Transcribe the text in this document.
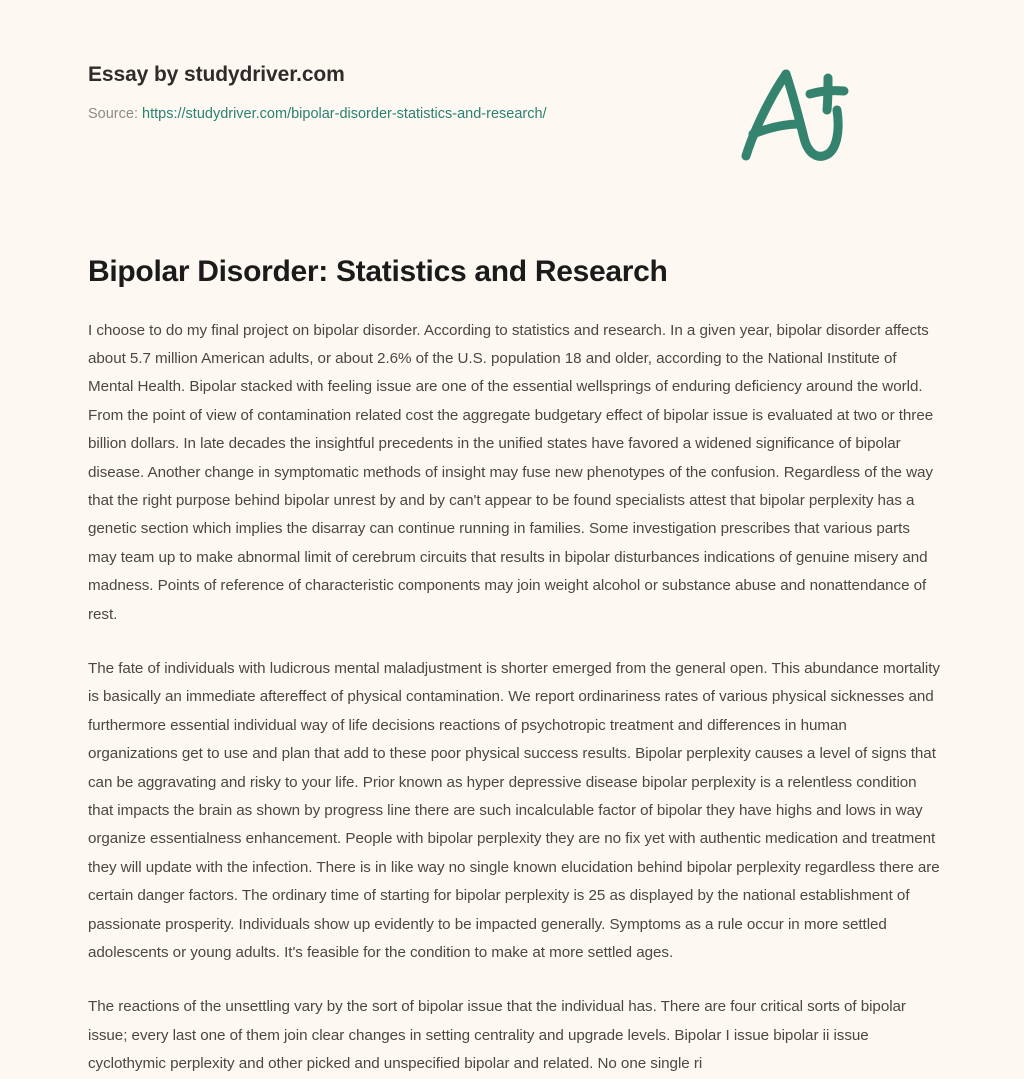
Essay by studydriver.com
Source: https://studydriver.com/bipolar-disorder-statistics-and-research/
Bipolar Disorder: Statistics and Research

I choose to do my final project on bipolar disorder. According to statistics and research. In a given year, bipolar disorder affects about 5.7 million American adults, or about 2.6% of the U.S. population 18 and older, according to the National Institute of Mental Health. Bipolar stacked with feeling issue are one of the essential wellsprings of enduring deficiency around the world. From the point of view of contamination related cost the aggregate budgetary effect of bipolar issue is evaluated at two or three billion dollars. In late decades the insightful precedents in the unified states have favored a widened significance of bipolar disease. Another change in symptomatic methods of insight may fuse new phenotypes of the confusion. Regardless of the way that the right purpose behind bipolar unrest by and by can't appear to be found specialists attest that bipolar perplexity has a genetic section which implies the disarray can continue running in families. Some investigation prescribes that various parts may team up to make abnormal limit of cerebrum circuits that results in bipolar disturbances indications of genuine misery and madness. Points of reference of characteristic components may join weight alcohol or substance abuse and nonattendance of rest.

The fate of individuals with ludicrous mental maladjustment is shorter emerged from the general open. This abundance mortality is basically an immediate aftereffect of physical contamination. We report ordinariness rates of various physical sicknesses and furthermore essential individual way of life decisions reactions of psychotropic treatment and differences in human organizations get to use and plan that add to these poor physical success results. Bipolar perplexity causes a level of signs that can be aggravating and risky to your life. Prior known as hyper depressive disease bipolar perplexity is a relentless condition that impacts the brain as shown by progress line there are such incalculable factor of bipolar they have highs and lows in way organize essentialness enhancement. People with bipolar perplexity they are no fix yet with authentic medication and treatment they will update with the infection. There is in like way no single known elucidation behind bipolar perplexity regardless there are certain danger factors. The ordinary time of starting for bipolar perplexity is 25 as displayed by the national establishment of passionate prosperity. Individuals show up evidently to be impacted generally. Symptoms as a rule occur in more settled adolescents or young adults. It's feasible for the condition to make at more settled ages.

The reactions of the unsettling vary by the sort of bipolar issue that the individual has. There are four critical sorts of bipolar issue; every last one of them join clear changes in setting centrality and upgrade levels. Bipolar I issue bipolar ii issue cyclothymic perplexity and other picked and unspecified bipolar and related. No one single ri
